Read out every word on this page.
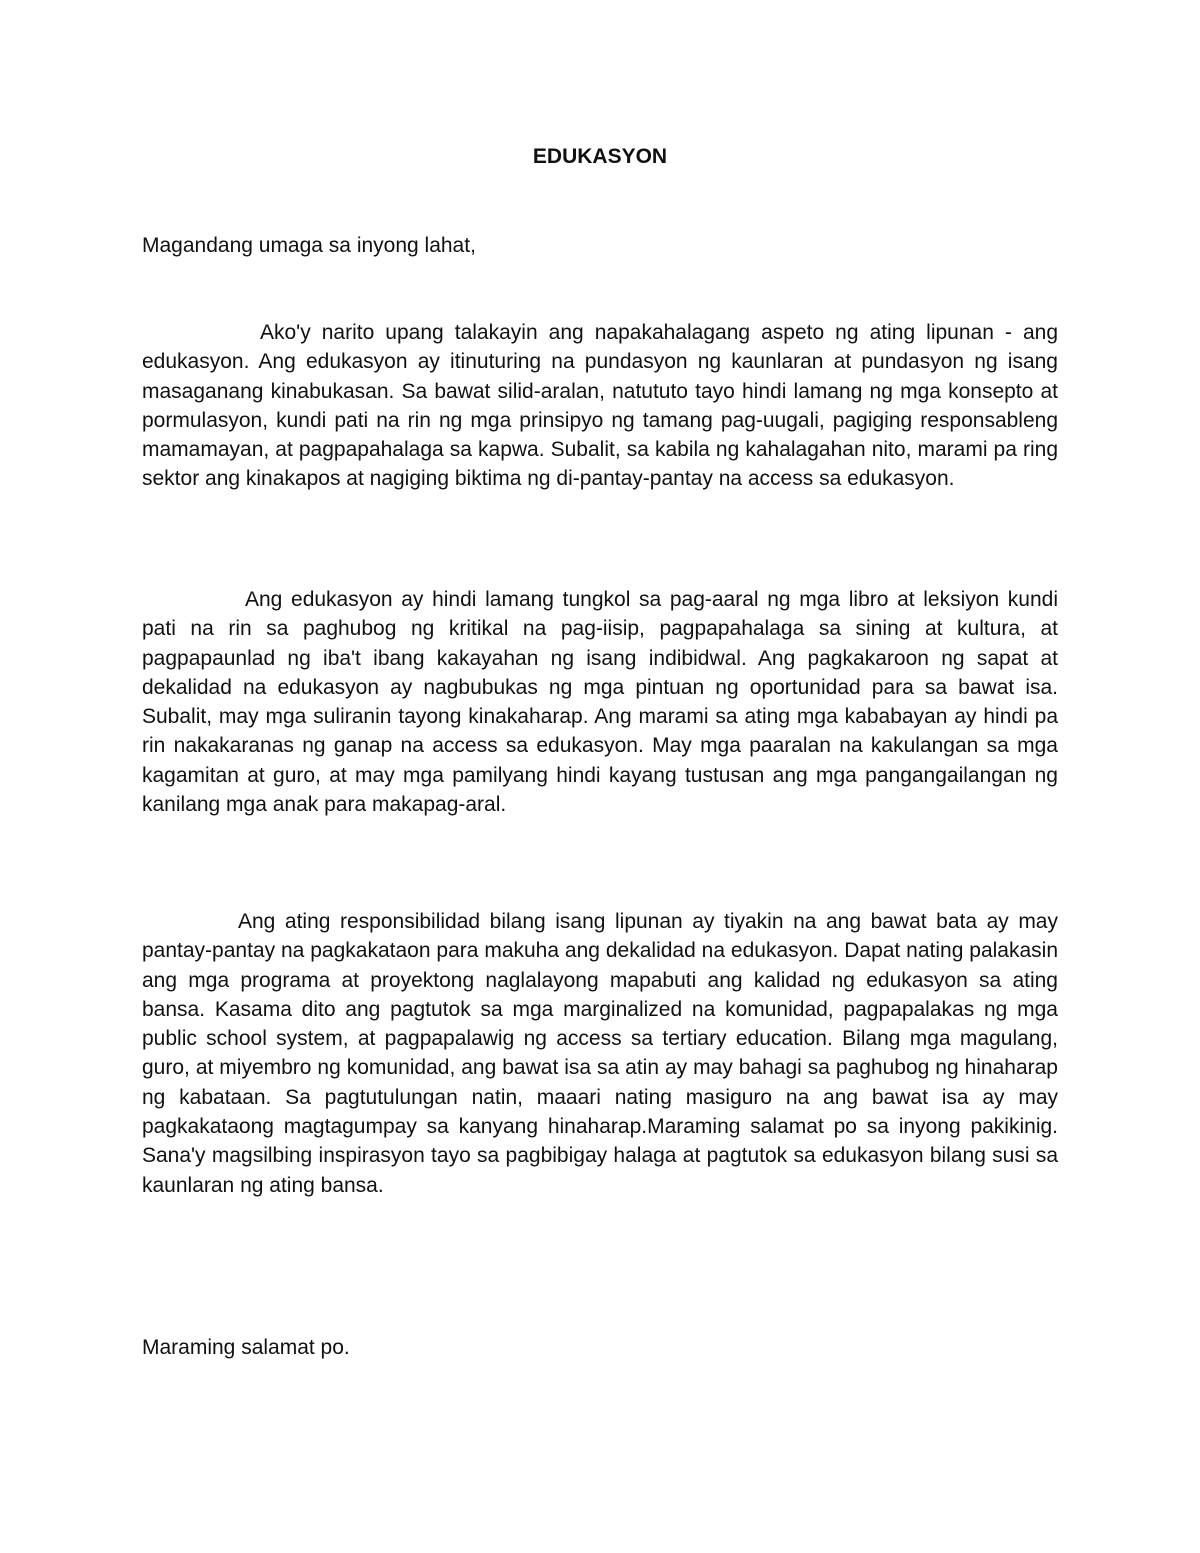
EDUKASYON
Magandang umaga sa inyong lahat,

Ako'y narito upang talakayin ang napakahalagang aspeto ng ating lipunan - ang edukasyon. Ang edukasyon ay itinuturing na pundasyon ng kaunlaran at pundasyon ng isang masaganang kinabukasan. Sa bawat silid-aralan, natututo tayo hindi lamang ng mga konsepto at pormulasyon, kundi pati na rin ng mga prinsipyo ng tamang pag-uugali, pagiging responsableng mamamayan, at pagpapahalaga sa kapwa. Subalit, sa kabila ng kahalagahan nito, marami pa ring sektor ang kinakapos at nagiging biktima ng di-pantay-pantay na access sa edukasyon.

Ang edukasyon ay hindi lamang tungkol sa pag-aaral ng mga libro at leksiyon kundi pati na rin sa paghubog ng kritikal na pag-iisip, pagpapahalaga sa sining at kultura, at pagpapaunlad ng iba't ibang kakayahan ng isang indibidwal. Ang pagkakaroon ng sapat at dekalidad na edukasyon ay nagbubukas ng mga pintuan ng oportunidad para sa bawat isa. Subalit, may mga suliranin tayong kinakaharap. Ang marami sa ating mga kababayan ay hindi pa rin nakakaranas ng ganap na access sa edukasyon. May mga paaralan na kakulangan sa mga kagamitan at guro, at may mga pamilyang hindi kayang tustusan ang mga pangangailangan ng kanilang mga anak para makapag-aral.

Ang ating responsibilidad bilang isang lipunan ay tiyakin na ang bawat bata ay may pantay-pantay na pagkakataon para makuha ang dekalidad na edukasyon. Dapat nating palakasin ang mga programa at proyektong naglalayong mapabuti ang kalidad ng edukasyon sa ating bansa. Kasama dito ang pagtutok sa mga marginalized na komunidad, pagpapalakas ng mga public school system, at pagpapalawig ng access sa tertiary education. Bilang mga magulang, guro, at miyembro ng komunidad, ang bawat isa sa atin ay may bahagi sa paghubog ng hinaharap ng kabataan. Sa pagtutulungan natin, maaari nating masiguro na ang bawat isa ay may pagkakataong magtagumpay sa kanyang hinaharap.Maraming salamat po sa inyong pakikinig. Sana'y magsilbing inspirasyon tayo sa pagbibigay halaga at pagtutok sa edukasyon bilang susi sa kaunlaran ng ating bansa.

Maraming salamat po.
